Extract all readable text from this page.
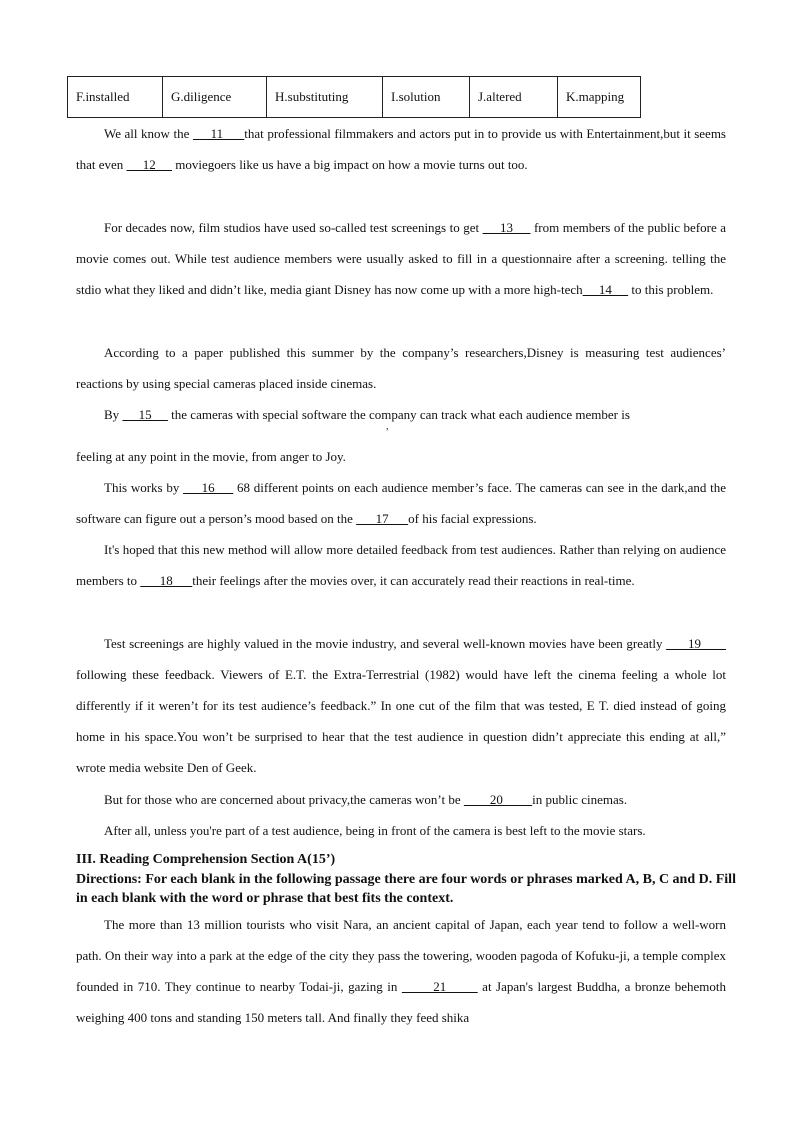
F.installed	G.diligence	H.substituting	I.solution	J.altered	K.mapping

We all know the      11      that professional filmmakers and actors put in to provide us with Entertainment,but it seems that even      12      moviegoers like us have a big impact on how a movie turns out too.

For decades now, film studios have used so-called test screenings to get      13      from members of the public before a movie comes out. While test audience members were usually asked to fill in a questionnaire after a screening. telling the stdio what they liked and didn’t like, media giant Disney has now come up with a more high-tech     14      to this problem.

According to a paper published this summer by the company’s researchers,Disney is measuring test audiences’ reactions by using special cameras placed inside cinemas.

By      15      the cameras with special software the company can track what each audience member is

,

feeling at any point in the movie, from anger to Joy.

This works by      16      68 different points on each audience member’s face. The cameras can see in the dark,and the software can figure out a person’s mood based on the       17      of his facial expressions.

It's hoped that this new method will allow more detailed feedback from test audiences. Rather than relying on audience members to       18      their feelings after the movies over, it can accurately read their reactions in real-time.

Test screenings are highly valued in the movie industry, and several well-known movies have been greatly       19        following these feedback. Viewers of E.T. the Extra-Terrestrial (1982) would have left the cinema feeling a whole lot differently if it weren’t for its test audience’s feedback.” In one cut of the film that was tested, E T. died instead of going home in his space.You won’t be surprised to hear that the test audience in question didn’t appreciate this ending at all,” wrote media website Den of Geek.

But for those who are concerned about privacy,the cameras won’t be         20         in public cinemas.

After all, unless you're part of a test audience, being in front of the camera is best left to the movie stars.

III. Reading Comprehension Section A(15’)

Directions: For each blank in the following passage there are four words or phrases marked A, B, C and D. Fill in each blank with the word or phrase that best fits the context.

The more than 13 million tourists who visit Nara, an ancient capital of Japan, each year tend to follow a well-worn path. On their way into a park at the edge of the city they pass the towering, wooden pagoda of Kofuku-ji, a temple complex founded in 710. They continue to nearby Todai-ji, gazing in        21        at Japan's largest Buddha, a bronze behemoth weighing 400 tons and standing 150 meters tall. And finally they feed shika
